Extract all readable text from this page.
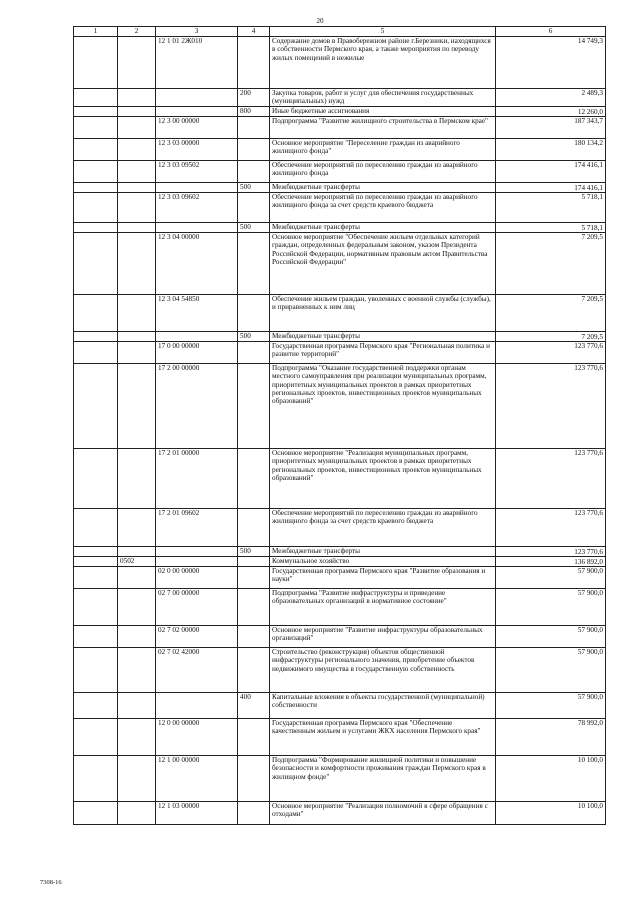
20
1	2	3	4	5	6
		12 1 01 2Ж010		Содержание домов в Правобережном районе г.Березники, находящихся в собственности Пермского края, а также мероприятия по переводу жилых помещений в нежилые	14 749,3
			200	Закупка товаров, работ и услуг для обеспечения государственных (муниципальных) нужд	2 489,3
			800	Иные бюджетные ассигнования	12 260,0
		12 3 00 00000		Подпрограмма "Развитие жилищного строительства в Пермском крае"	187 343,7
		12 3 03 00000		Основное мероприятие "Переселение граждан из аварийного жилищного фонда"	180 134,2
		12 3 03 09502		Обеспечение мероприятий по переселению граждан из аварийного жилищного фонда	174 416,1
			500	Межбюджетные трансферты	174 416,1
		12 3 03 09602		Обеспечение мероприятий по переселению граждан из аварийного жилищного фонда за счет средств краевого бюджета	5 718,1
			500	Межбюджетные трансферты	5 718,1
		12 3 04 00000		Основное мероприятие "Обеспечение жильем отдельных категорий граждан, определенных федеральным законом, указом Президента Российской Федерации, нормативным правовым актом Правительства Российской Федерации"	7 209,5
		12 3 04 54850		Обеспечение жильем граждан, уволенных с военной службы (службы), и приравненных к ним лиц	7 209,5
			500	Межбюджетные трансферты	7 209,5
		17 0 00 00000		Государственная программа Пермского края "Региональная политика и развитие территорий"	123 770,6
		17 2 00 00000		Подпрограмма "Оказание государственной поддержки органам местного самоуправления при реализации муниципальных программ, приоритетных муниципальных проектов в рамках приоритетных региональных проектов, инвестиционных проектов муниципальных образований"	123 770,6
		17 2 01 00000		Основное мероприятие "Реализация муниципальных программ, приоритетных муниципальных проектов в рамках приоритетных региональных проектов, инвестиционных проектов муниципальных образований"	123 770,6
		17 2 01 09602		Обеспечение мероприятий по переселению граждан из аварийного жилищного фонда за счет средств краевого бюджета	123 770,6
			500	Межбюджетные трансферты	123 770,6
	0502			Коммунальное хозяйство	136 892,0
		02 0 00 00000		Государственная программа Пермского края "Развитие образования и науки"	57 900,0
		02 7 00 00000		Подпрограмма "Развитие инфраструктуры и приведение образовательных организаций в нормативное состояние"	57 900,0
		02 7 02 00000		Основное мероприятие "Развитие инфраструктуры образовательных организаций"	57 900,0
		02 7 02 42000		Строительство (реконструкция) объектов общественной инфраструктуры регионального значения, приобретение объектов недвижимого имущества в государственную собственность	57 900,0
			400	Капитальные вложения в объекты государственной (муниципальной) собственности	57 900,0
		12 0 00 00000		Государственная программа Пермского края "Обеспечение качественным жильем и услугами ЖКХ населения Пермского края"	78 992,0
		12 1 00 00000		Подпрограмма "Формирование жилищной политики и повышение безопасности и комфортности проживания граждан Пермского края в жилищном фонде"	10 100,0
		12 1 03 00000		Основное мероприятие "Реализация полномочий в сфере обращения с отходами"	10 100,0
7308-16
